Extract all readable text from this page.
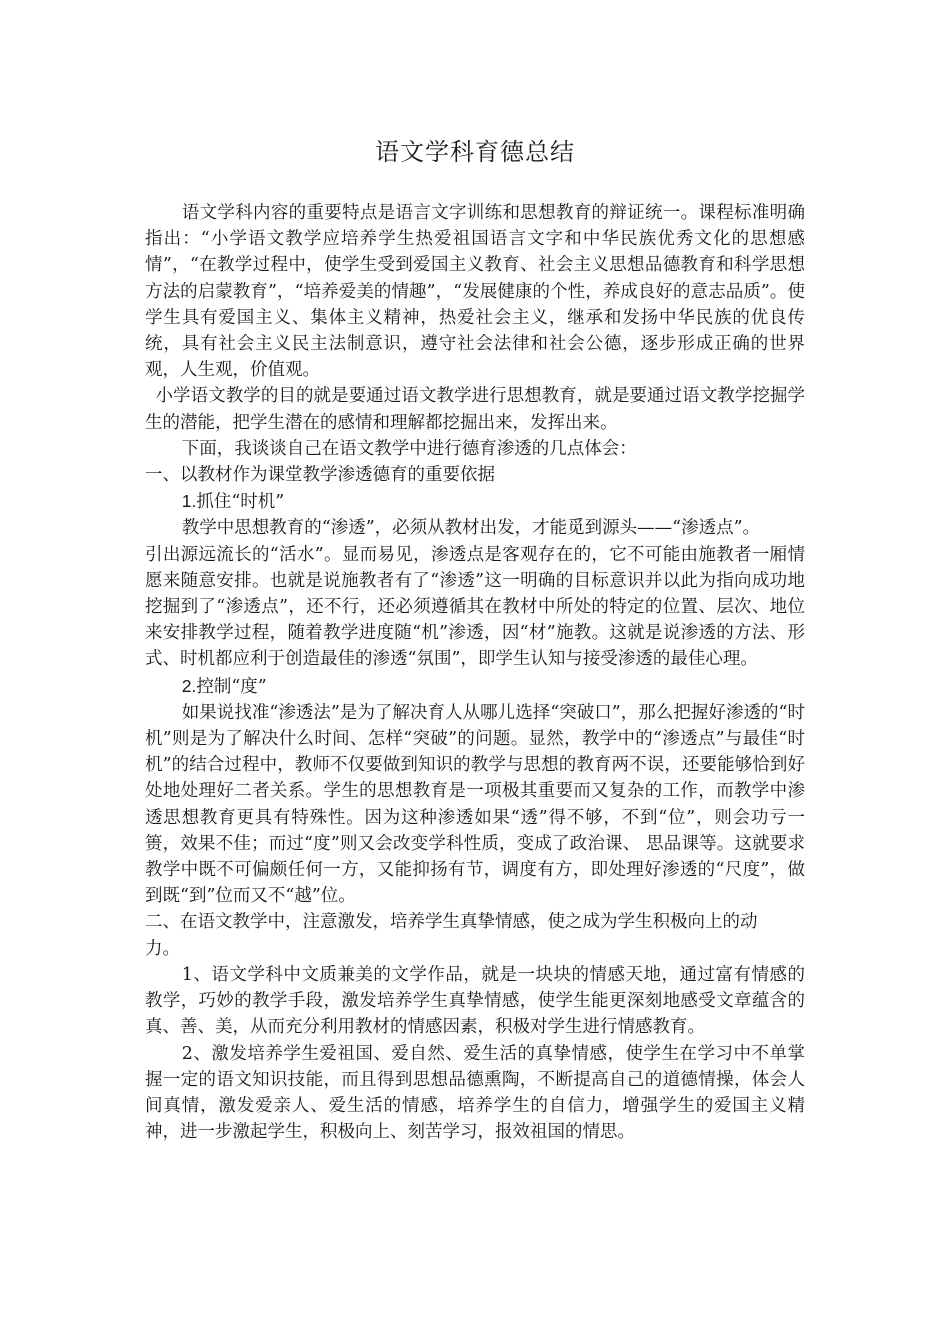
语文学科育德总结

语文学科内容的重要特点是语言文字训练和思想教育的辩证统一。课程标准明确指出：“小学语文教学应培养学生热爱祖国语言文字和中华民族优秀文化的思想感情”，“在教学过程中，使学生受到爱国主义教育、社会主义思想品德教育和科学思想方法的启蒙教育”，“培养爱美的情趣”，“发展健康的个性，养成良好的意志品质”。使学生具有爱国主义、集体主义精神，热爱社会主义，继承和发扬中华民族的优良传统，具有社会主义民主法制意识，遵守社会法律和社会公德，逐步形成正确的世界观，人生观，价值观。

小学语文教学的目的就是要通过语文教学进行思想教育，就是要通过语文教学挖掘学生的潜能，把学生潜在的感情和理解都挖掘出来，发挥出来。

下面，我谈谈自己在语文教学中进行德育渗透的几点体会：

一、以教材作为课堂教学渗透德育的重要依据

1.抓住“时机”

教学中思想教育的“渗透”，必须从教材出发，才能觅到源头——“渗透点”。

引出源远流长的“活水”。显而易见，渗透点是客观存在的，它不可能由施教者一厢情愿来随意安排。也就是说施教者有了“渗透”这一明确的目标意识并以此为指向成功地挖掘到了“渗透点”，还不行，还必须遵循其在教材中所处的特定的位置、层次、地位来安排教学过程，随着教学进度随“机”渗透，因“材”施教。这就是说渗透的方法、形式、时机都应利于创造最佳的渗透“氛围”，即学生认知与接受渗透的最佳心理。

2.控制“度”

如果说找准“渗透法”是为了解决育人从哪儿选择“突破口”，那么把握好渗透的“时机”则是为了解决什么时间、怎样“突破”的问题。显然，教学中的“渗透点”与最佳“时机”的结合过程中，教师不仅要做到知识的教学与思想的教育两不误，还要能够恰到好处地处理好二者关系。学生的思想教育是一项极其重要而又复杂的工作，而教学中渗透思想教育更具有特殊性。因为这种渗透如果“透”得不够，不到“位”，则会功亏一篑，效果不佳；而过“度”则又会改变学科性质，变成了政治课、 思品课等。这就要求教学中既不可偏颇任何一方，又能抑扬有节，调度有方，即处理好渗透的“尺度”，做到既“到”位而又不“越”位。

二、在语文教学中，注意激发，培养学生真挚情感，使之成为学生积极向上的动

力。

1、语文学科中文质兼美的文学作品，就是一块块的情感天地，通过富有情感的教学，巧妙的教学手段，激发培养学生真挚情感，使学生能更深刻地感受文章蕴含的真、善、美，从而充分利用教材的情感因素，积极对学生进行情感教育。

2、激发培养学生爱祖国、爱自然、爱生活的真挚情感，使学生在学习中不单掌握一定的语文知识技能，而且得到思想品德熏陶，不断提高自己的道德情操，体会人间真情，激发爱亲人、爱生活的情感，培养学生的自信力，增强学生的爱国主义精神，进一步激起学生，积极向上、刻苦学习，报效祖国的情思。
